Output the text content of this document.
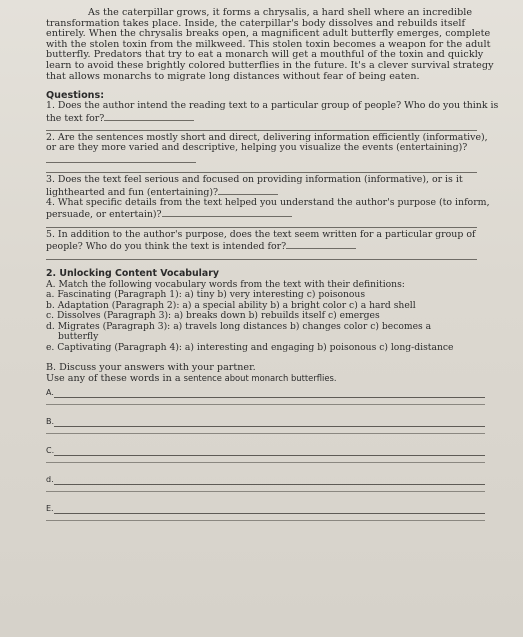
As the caterpillar grows, it forms a chrysalis, a hard shell where an incredible transformation takes place. Inside, the caterpillar's body dissolves and rebuilds itself entirely. When the chrysalis breaks open, a magnificent adult butterfly emerges, complete with the stolen toxin from the milkweed. This stolen toxin becomes a weapon for the adult butterfly. Predators that try to eat a monarch will get a mouthful of the toxin and quickly learn to avoid these brightly colored butterflies in the future. It's a clever survival strategy that allows monarchs to migrate long distances without fear of being eaten.

Questions:

1. Does the author intend the reading text to a particular group of people? Who do you think is the text for?

2. Are the sentences mostly short and direct, delivering information efficiently (informative), or are they more varied and descriptive, helping you visualize the events (entertaining)?

3. Does the text feel serious and focused on providing information (informative), or is it lighthearted and fun (entertaining)?

4. What specific details from the text helped you understand the author's purpose (to inform, persuade, or entertain)?

5. In addition to the author's purpose, does the text seem written for a particular group of people? Who do you think the text is intended for?

2. Unlocking Content Vocabulary

A. Match the following vocabulary words from the text with their definitions:

a. Fascinating (Paragraph 1): a) tiny b) very interesting c) poisonous

b. Adaptation (Paragraph 2): a) a special ability b) a bright color c) a hard shell

c. Dissolves (Paragraph 3): a) breaks down b) rebuilds itself c) emerges

d. Migrates (Paragraph 3): a) travels long distances b) changes color c) becomes a

butterfly

e. Captivating (Paragraph 4): a) interesting and engaging b) poisonous c) long-distance

B. Discuss your answers with your partner.

Use any of these words in a sentence about monarch butterflies.

A.
B.
C.
d.
E.
